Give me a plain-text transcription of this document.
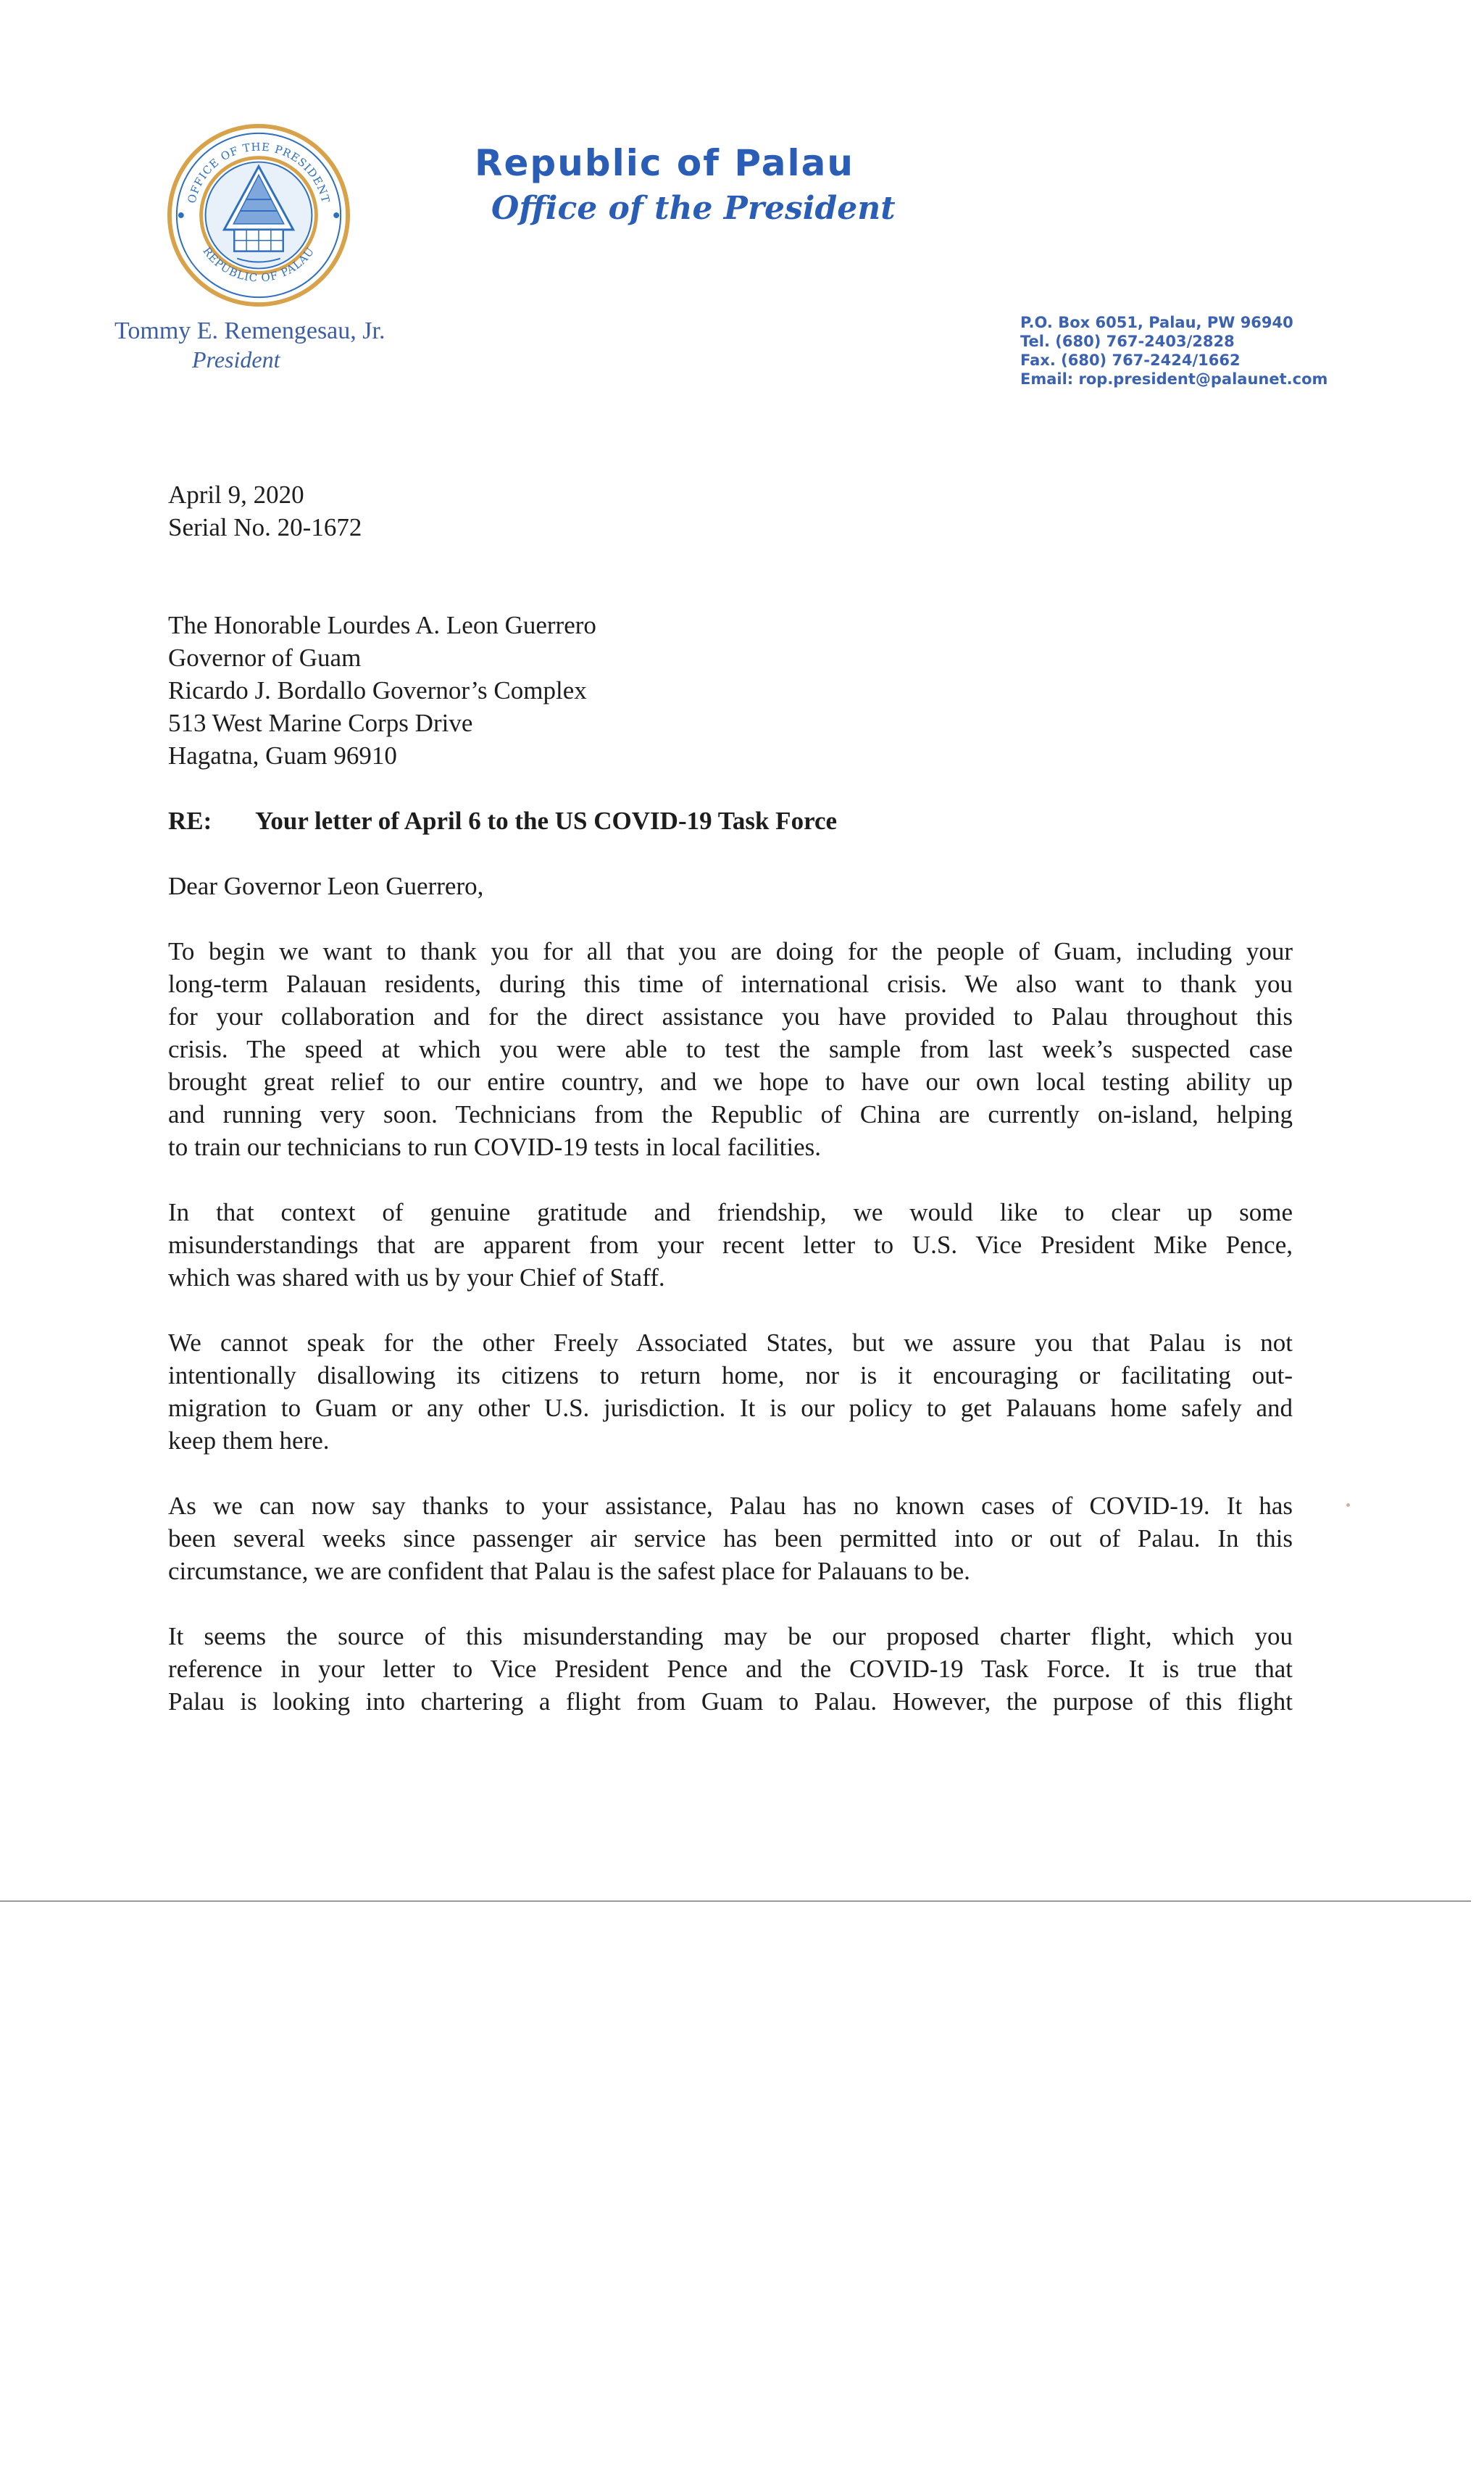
OFFICE OF THE PRESIDENT
REPUBLIC OF PALAU
Republic of Palau
Office of the President
Tommy E. Remengesau, Jr.
President
P.O. Box 6051, Palau, PW 96940
Tel. (680) 767-2403/2828
Fax. (680) 767-2424/1662
Email: rop.president@palaunet.com
April 9, 2020
Serial No. 20-1672
The Honorable Lourdes A. Leon Guerrero
Governor of Guam
Ricardo J. Bordallo Governor’s Complex
513 West Marine Corps Drive
Hagatna, Guam 96910
RE: Your letter of April 6 to the US COVID-19 Task Force
Dear Governor Leon Guerrero,
To begin we want to thank you for all that you are doing for the people of Guam, including your
long-term Palauan residents, during this time of international crisis. We also want to thank you
for your collaboration and for the direct assistance you have provided to Palau throughout this
crisis. The speed at which you were able to test the sample from last week’s suspected case
brought great relief to our entire country, and we hope to have our own local testing ability up
and running very soon. Technicians from the Republic of China are currently on-island, helping
to train our technicians to run COVID-19 tests in local facilities.
In that context of genuine gratitude and friendship, we would like to clear up some
misunderstandings that are apparent from your recent letter to U.S. Vice President Mike Pence,
which was shared with us by your Chief of Staff.
We cannot speak for the other Freely Associated States, but we assure you that Palau is not
intentionally disallowing its citizens to return home, nor is it encouraging or facilitating out-
migration to Guam or any other U.S. jurisdiction. It is our policy to get Palauans home safely and
keep them here.
As we can now say thanks to your assistance, Palau has no known cases of COVID-19. It has
been several weeks since passenger air service has been permitted into or out of Palau. In this
circumstance, we are confident that Palau is the safest place for Palauans to be.
It seems the source of this misunderstanding may be our proposed charter flight, which you
reference in your letter to Vice President Pence and the COVID-19 Task Force. It is true that
Palau is looking into chartering a flight from Guam to Palau. However, the purpose of this flight
